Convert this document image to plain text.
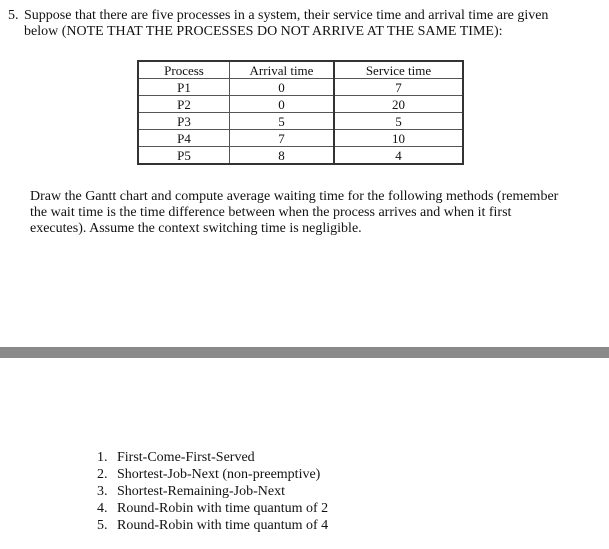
5. Suppose that there are five processes in a system, their service time and arrival time are given
below (NOTE THAT THE PROCESSES DO NOT ARRIVE AT THE SAME TIME):
Process	Arrival time	Service time
P1	0	7
P2	0	20
P3	5	5
P4	7	10
P5	8	4
Draw the Gantt chart and compute average waiting time for the following methods (remember
the wait time is the time difference between when the process arrives and when it first
executes). Assume the context switching time is negligible.
1. First-Come-First-Served
2. Shortest-Job-Next (non-preemptive)
3. Shortest-Remaining-Job-Next
4. Round-Robin with time quantum of 2
5. Round-Robin with time quantum of 4
